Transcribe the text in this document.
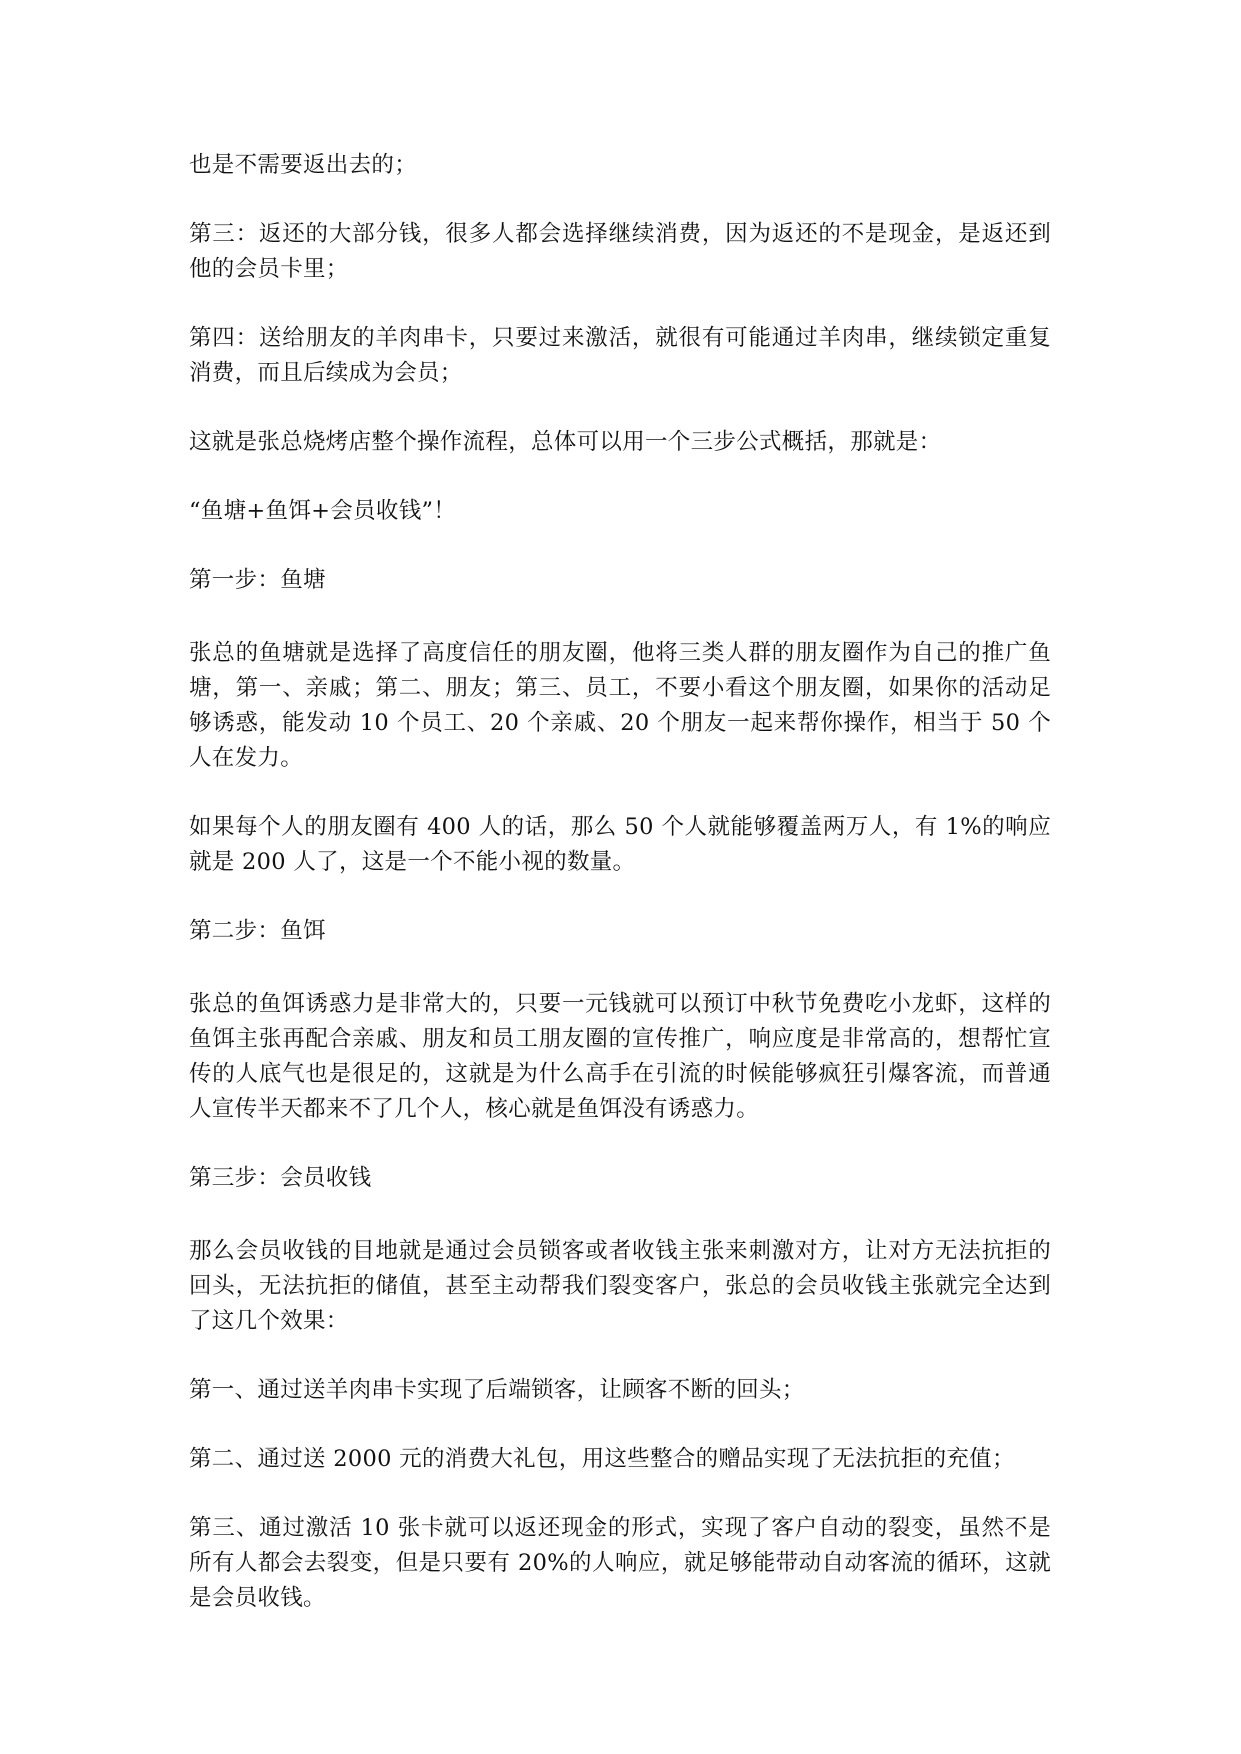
也是不需要返出去的；

第三：返还的大部分钱，很多人都会选择继续消费，因为返还的不是现金，是返还到他的会员卡里；

第四：送给朋友的羊肉串卡，只要过来激活，就很有可能通过羊肉串，继续锁定重复消费，而且后续成为会员；

这就是张总烧烤店整个操作流程，总体可以用一个三步公式概括，那就是：

“鱼塘+鱼饵+会员收钱”！

第一步：鱼塘

张总的鱼塘就是选择了高度信任的朋友圈，他将三类人群的朋友圈作为自己的推广鱼塘，第一、亲戚；第二、朋友；第三、员工，不要小看这个朋友圈，如果你的活动足够诱惑，能发动 10 个员工、20 个亲戚、20 个朋友一起来帮你操作，相当于 50 个人在发力。

如果每个人的朋友圈有 400 人的话，那么 50 个人就能够覆盖两万人，有 1%的响应就是 200 人了，这是一个不能小视的数量。

第二步：鱼饵

张总的鱼饵诱惑力是非常大的，只要一元钱就可以预订中秋节免费吃小龙虾，这样的鱼饵主张再配合亲戚、朋友和员工朋友圈的宣传推广，响应度是非常高的，想帮忙宣传的人底气也是很足的，这就是为什么高手在引流的时候能够疯狂引爆客流，而普通人宣传半天都来不了几个人，核心就是鱼饵没有诱惑力。

第三步：会员收钱

那么会员收钱的目地就是通过会员锁客或者收钱主张来刺激对方，让对方无法抗拒的回头，无法抗拒的储值，甚至主动帮我们裂变客户，张总的会员收钱主张就完全达到了这几个效果：

第一、通过送羊肉串卡实现了后端锁客，让顾客不断的回头；

第二、通过送 2000 元的消费大礼包，用这些整合的赠品实现了无法抗拒的充值；

第三、通过激活 10 张卡就可以返还现金的形式，实现了客户自动的裂变，虽然不是所有人都会去裂变，但是只要有 20%的人响应，就足够能带动自动客流的循环，这就是会员收钱。
